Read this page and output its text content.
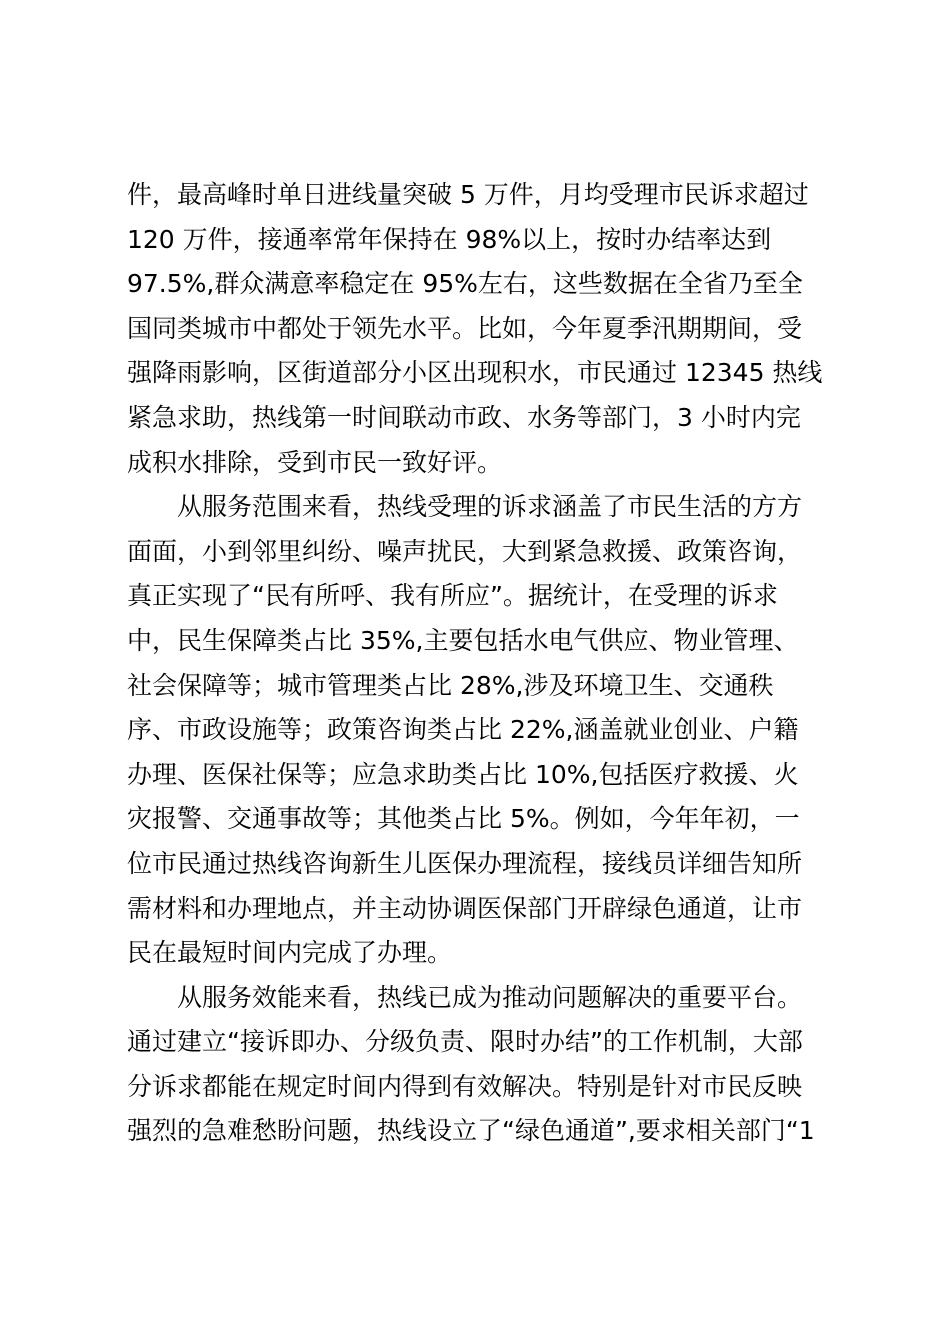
件，最高峰时单日进线量突破 5 万件，月均受理市民诉求超过
120 万件，接通率常年保持在 98%以上，按时办结率达到
97.5%,群众满意率稳定在 95%左右，这些数据在全省乃至全
国同类城市中都处于领先水平。比如，今年夏季汛期期间，受
强降雨影响，区街道部分小区出现积水，市民通过 12345 热线
紧急求助，热线第一时间联动市政、水务等部门，3 小时内完
成积水排除，受到市民一致好评。
从服务范围来看，热线受理的诉求涵盖了市民生活的方方
面面，小到邻里纠纷、噪声扰民，大到紧急救援、政策咨询，
真正实现了“民有所呼、我有所应”。据统计，在受理的诉求
中，民生保障类占比 35%,主要包括水电气供应、物业管理、
社会保障等；城市管理类占比 28%,涉及环境卫生、交通秩
序、市政设施等；政策咨询类占比 22%,涵盖就业创业、户籍
办理、医保社保等；应急求助类占比 10%,包括医疗救援、火
灾报警、交通事故等；其他类占比 5%。例如，今年年初，一
位市民通过热线咨询新生儿医保办理流程，接线员详细告知所
需材料和办理地点，并主动协调医保部门开辟绿色通道，让市
民在最短时间内完成了办理。
从服务效能来看，热线已成为推动问题解决的重要平台。
通过建立“接诉即办、分级负责、限时办结”的工作机制，大部
分诉求都能在规定时间内得到有效解决。特别是针对市民反映
强烈的急难愁盼问题，热线设立了“绿色通道”,要求相关部门“1
